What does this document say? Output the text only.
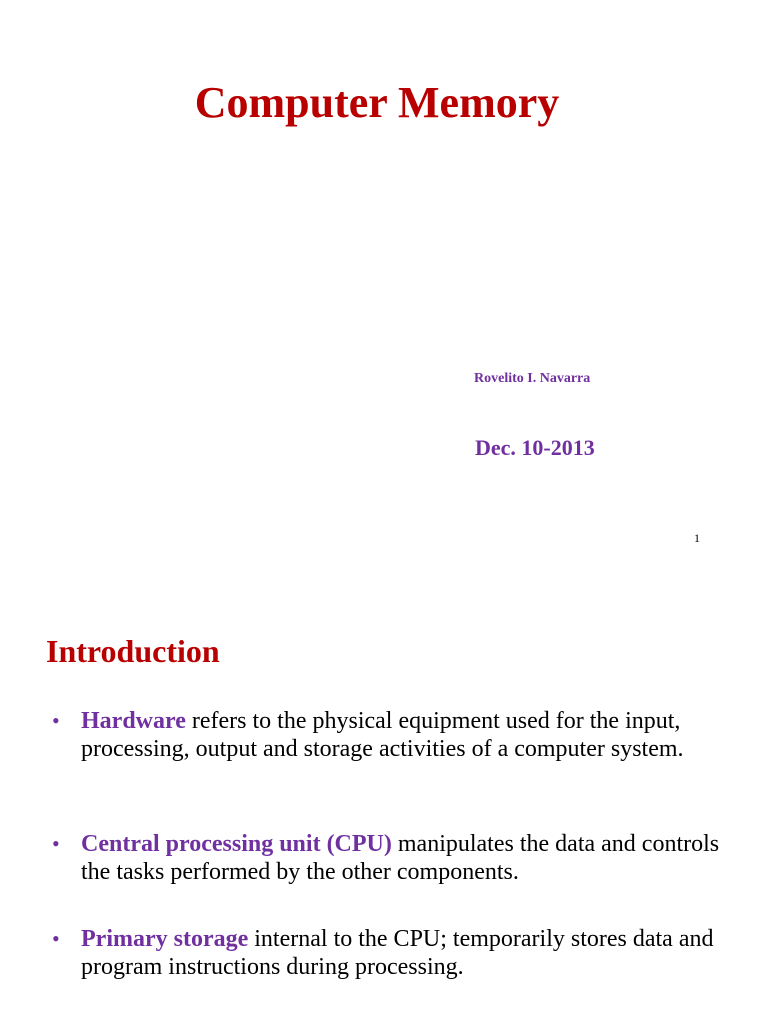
Computer Memory
Rovelito I. Navarra
Dec. 10-2013
1
Introduction
• Hardware refers to the physical equipment used for the input, processing, output and storage activities of a computer system.
• Central processing unit (CPU) manipulates the data and controls the tasks performed by the other components.
• Primary storage internal to the CPU; temporarily stores data and program instructions during processing.
